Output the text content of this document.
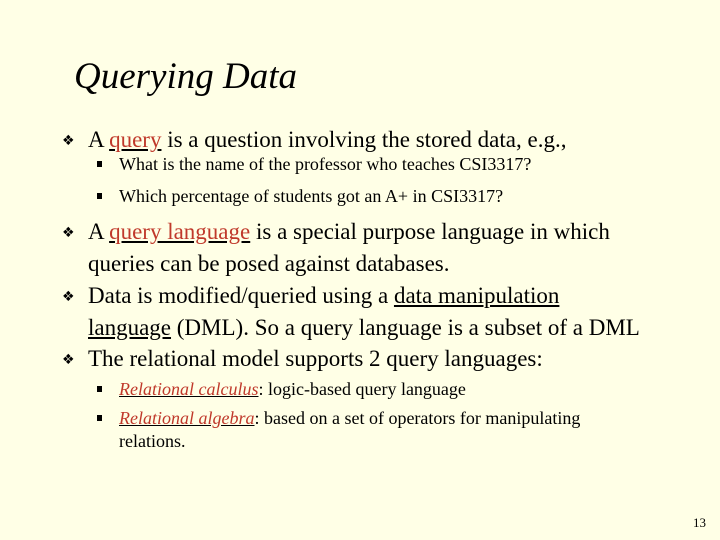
Querying Data
❖ A query is a question involving the stored data, e.g.,
What is the name of the professor who teaches CSI3317?
Which percentage of students got an A+ in CSI3317?
❖ A query language is a special purpose language in which
queries can be posed against databases.
❖ Data is modified/queried using a data manipulation
language (DML). So a query language is a subset of a DML
❖ The relational model supports 2 query languages:
Relational calculus: logic-based query language
Relational algebra: based on a set of operators for manipulating
relations.
13
